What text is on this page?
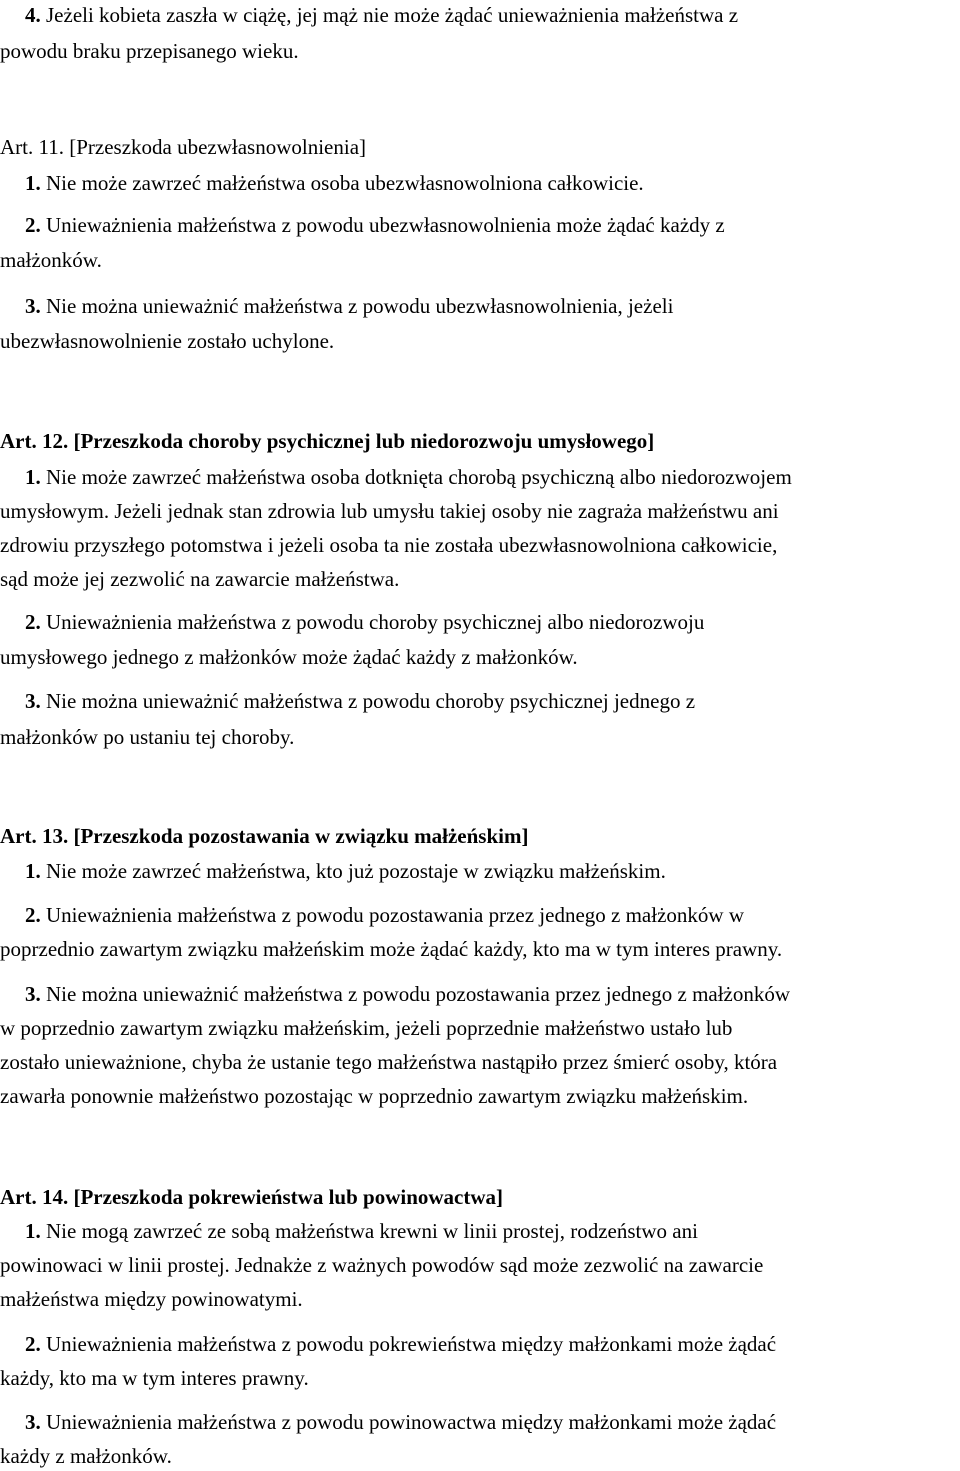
4. Jeżeli kobieta zaszła w ciążę, jej mąż nie może żądać unieważnienia małżeństwa z

powodu braku przepisanego wieku.

Art. 11. [Przeszkoda ubezwłasnowolnienia]

1. Nie może zawrzeć małżeństwa osoba ubezwłasnowolniona całkowicie.

2. Unieważnienia małżeństwa z powodu ubezwłasnowolnienia może żądać każdy z

małżonków.

3. Nie można unieważnić małżeństwa z powodu ubezwłasnowolnienia, jeżeli

ubezwłasnowolnienie zostało uchylone.

Art. 12. [Przeszkoda choroby psychicznej lub niedorozwoju umysłowego]

1. Nie może zawrzeć małżeństwa osoba dotknięta chorobą psychiczną albo niedorozwojem

umysłowym. Jeżeli jednak stan zdrowia lub umysłu takiej osoby nie zagraża małżeństwu ani

zdrowiu przyszłego potomstwa i jeżeli osoba ta nie została ubezwłasnowolniona całkowicie,

sąd może jej zezwolić na zawarcie małżeństwa.

2. Unieważnienia małżeństwa z powodu choroby psychicznej albo niedorozwoju

umysłowego jednego z małżonków może żądać każdy z małżonków.

3. Nie można unieważnić małżeństwa z powodu choroby psychicznej jednego z

małżonków po ustaniu tej choroby.

Art. 13. [Przeszkoda pozostawania w związku małżeńskim]

1. Nie może zawrzeć małżeństwa, kto już pozostaje w związku małżeńskim.

2. Unieważnienia małżeństwa z powodu pozostawania przez jednego z małżonków w

poprzednio zawartym związku małżeńskim może żądać każdy, kto ma w tym interes prawny.

3. Nie można unieważnić małżeństwa z powodu pozostawania przez jednego z małżonków

w poprzednio zawartym związku małżeńskim, jeżeli poprzednie małżeństwo ustało lub

zostało unieważnione, chyba że ustanie tego małżeństwa nastąpiło przez śmierć osoby, która

zawarła ponownie małżeństwo pozostając w poprzednio zawartym związku małżeńskim.

Art. 14. [Przeszkoda pokrewieństwa lub powinowactwa]

1. Nie mogą zawrzeć ze sobą małżeństwa krewni w linii prostej, rodzeństwo ani

powinowaci w linii prostej. Jednakże z ważnych powodów sąd może zezwolić na zawarcie

małżeństwa między powinowatymi.

2. Unieważnienia małżeństwa z powodu pokrewieństwa między małżonkami może żądać

każdy, kto ma w tym interes prawny.

3. Unieważnienia małżeństwa z powodu powinowactwa między małżonkami może żądać

każdy z małżonków.
